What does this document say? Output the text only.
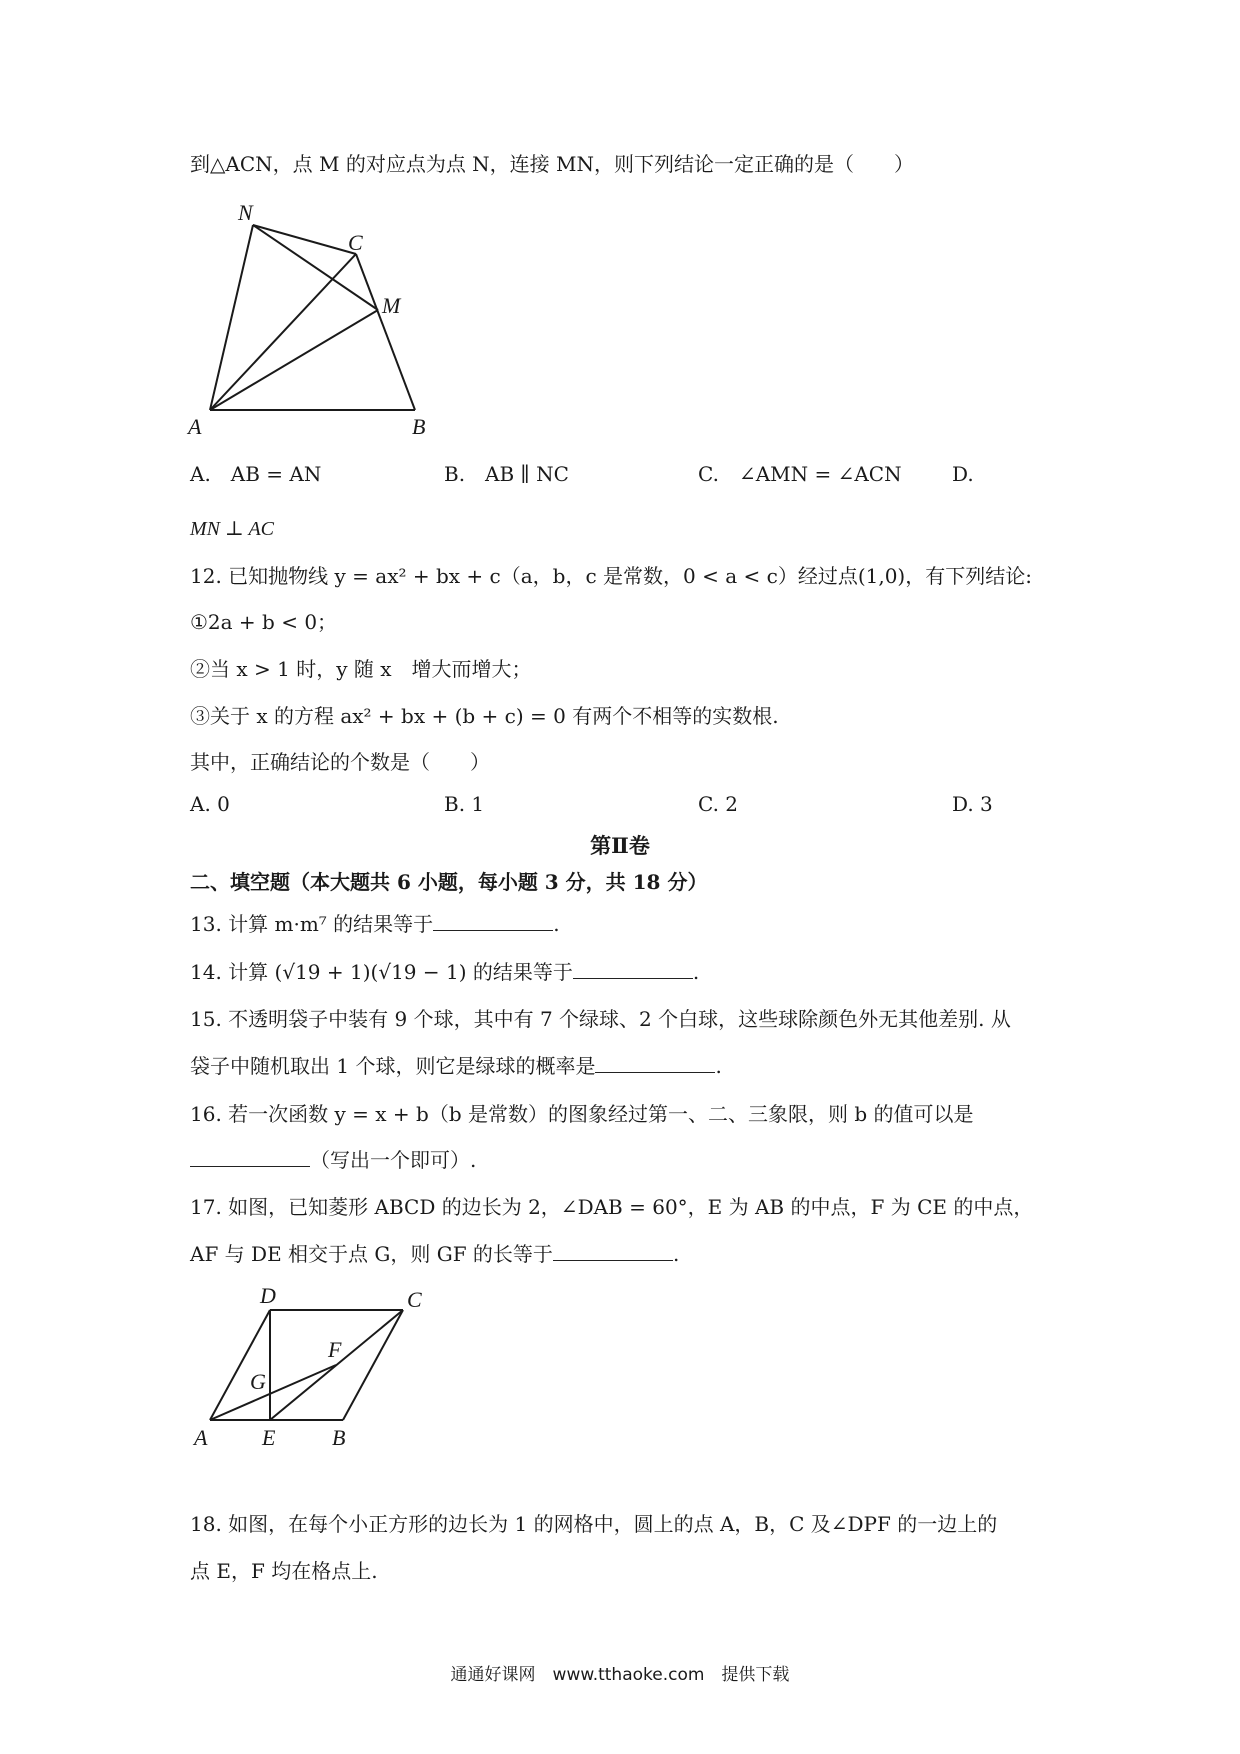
到△ACN，点 M 的对应点为点 N，连接 MN，则下列结论一定正确的是（　　）
N
C
M
A	B
A.　AB = AN	B.　AB ∥ NC	C.　∠AMN = ∠ACN	D.
MN ⊥ AC
12. 已知抛物线 y = ax² + bx + c（a，b，c 是常数，0 < a < c）经过点(1,0)，有下列结论:
①2a + b < 0；
②当 x > 1 时，y 随 x　增大而增大；
③关于 x 的方程 ax² + bx + (b + c) = 0 有两个不相等的实数根.
其中，正确结论的个数是（　　）
A. 0	B. 1	C. 2	D. 3
第Ⅱ卷
二、填空题（本大题共 6 小题，每小题 3 分，共 18 分）
13. 计算 m·m⁷ 的结果等于	.
14. 计算 (√19 + 1)(√19 − 1) 的结果等于	.
15. 不透明袋子中装有 9 个球，其中有 7 个绿球、2 个白球，这些球除颜色外无其他差别. 从
袋子中随机取出 1 个球，则它是绿球的概率是	.
16. 若一次函数 y = x + b（b 是常数）的图象经过第一、二、三象限，则 b 的值可以是
（写出一个即可）.
17. 如图，已知菱形 ABCD 的边长为 2，∠DAB = 60°，E 为 AB 的中点，F 为 CE 的中点，
AF 与 DE 相交于点 G，则 GF 的长等于	.
D	C
F
G
A E	B
18. 如图，在每个小正方形的边长为 1 的网格中，圆上的点 A，B，C 及∠DPF 的一边上的
点 E，F 均在格点上.
通通好课网　www.tthaoke.com　提供下载
